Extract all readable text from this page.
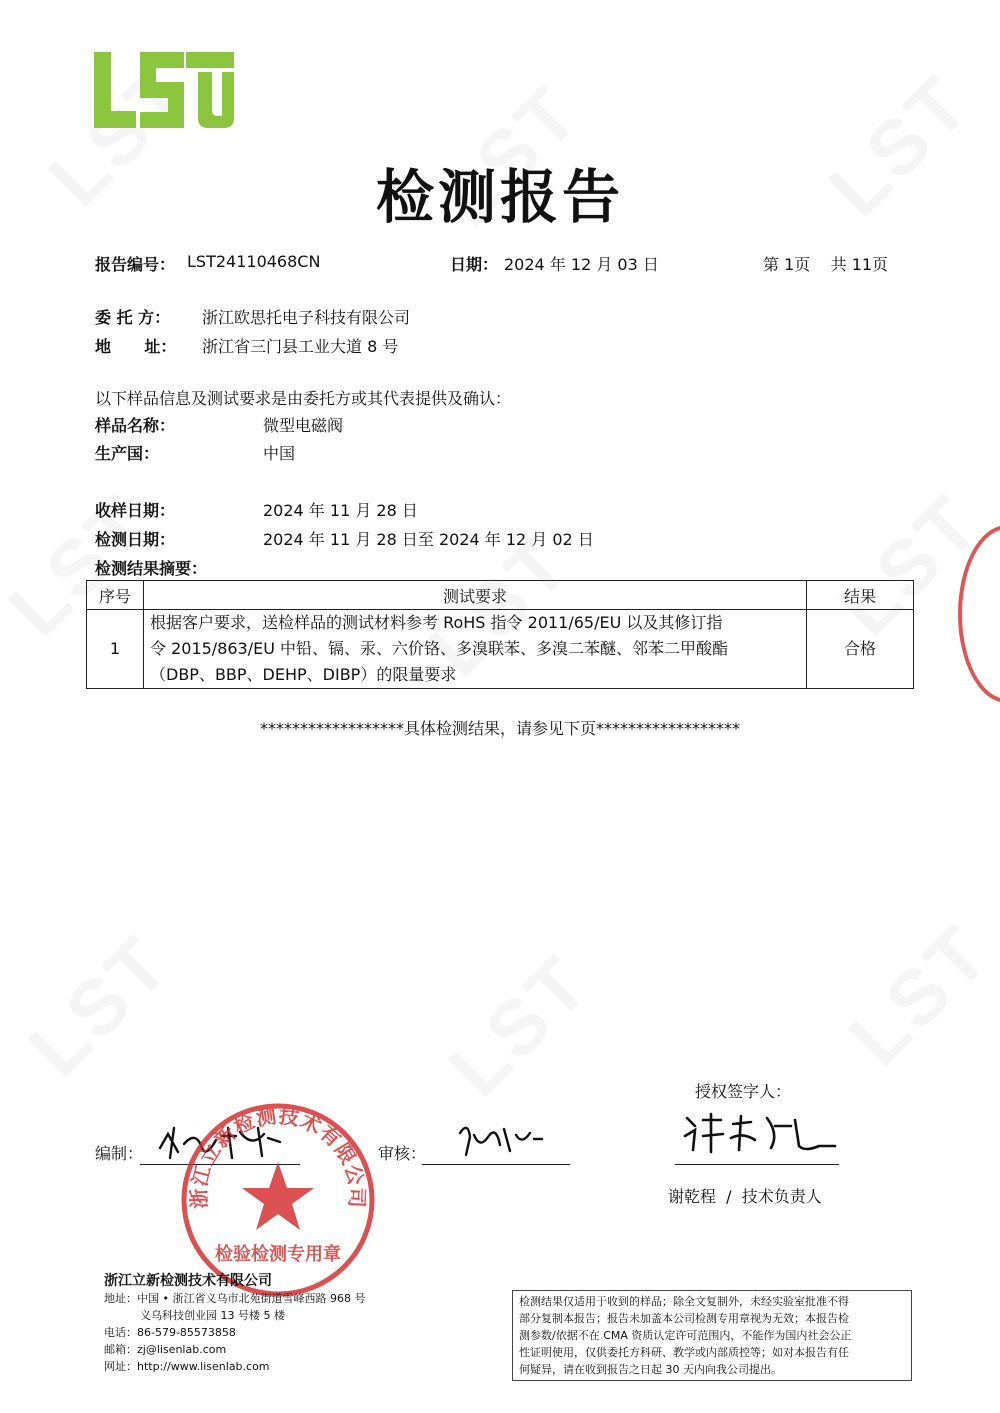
检测报告
报告编号： LST24110468CN	日期： 2024 年 12 月 03 日	第 1页    共 11页
委 托 方： 浙江欧思托电子科技有限公司
地      址： 浙江省三门县工业大道 8 号
以下样品信息及测试要求是由委托方或其代表提供及确认：
样品名称：	微型电磁阀
生产国：	中国
收样日期：	2024 年 11 月 28 日
检测日期：	2024 年 11 月 28 日至 2024 年 12 月 02 日
检测结果摘要：
序号	测试要求	结果
1	根据客户要求，送检样品的测试材料参考 RoHS 指令 2011/65/EU 以及其修订指
令 2015/863/EU 中铅、镉、汞、六价铬、多溴联苯、多溴二苯醚、邻苯二甲酸酯
（DBP、BBP、DEHP、DIBP）的限量要求	合格
******************具体检测结果，请参见下页******************
授权签字人：
编制：	审核：
谢乾程  /  技术负责人
浙江立新检测技术有限公司
检验检测专用章
浙江立新检测技术有限公司
地址：中国 • 浙江省义乌市北苑街道雪峰西路 968 号
义乌科技创业园 13 号楼 5 楼
电话：86-579-85573858
邮箱：zj@lisenlab.com
网址：http://www.lisenlab.com
检测结果仅适用于收到的样品；除全文复制外，未经实验室批准不得
部分复制本报告；报告未加盖本公司检测专用章视为无效；本报告检
测参数/依据不在 CMA 资质认定许可范围内，不能作为国内社会公正
性证明使用，仅供委托方科研、教学或内部质控等；如对本报告有任
何疑异，请在收到报告之日起 30 天内向我公司提出。
